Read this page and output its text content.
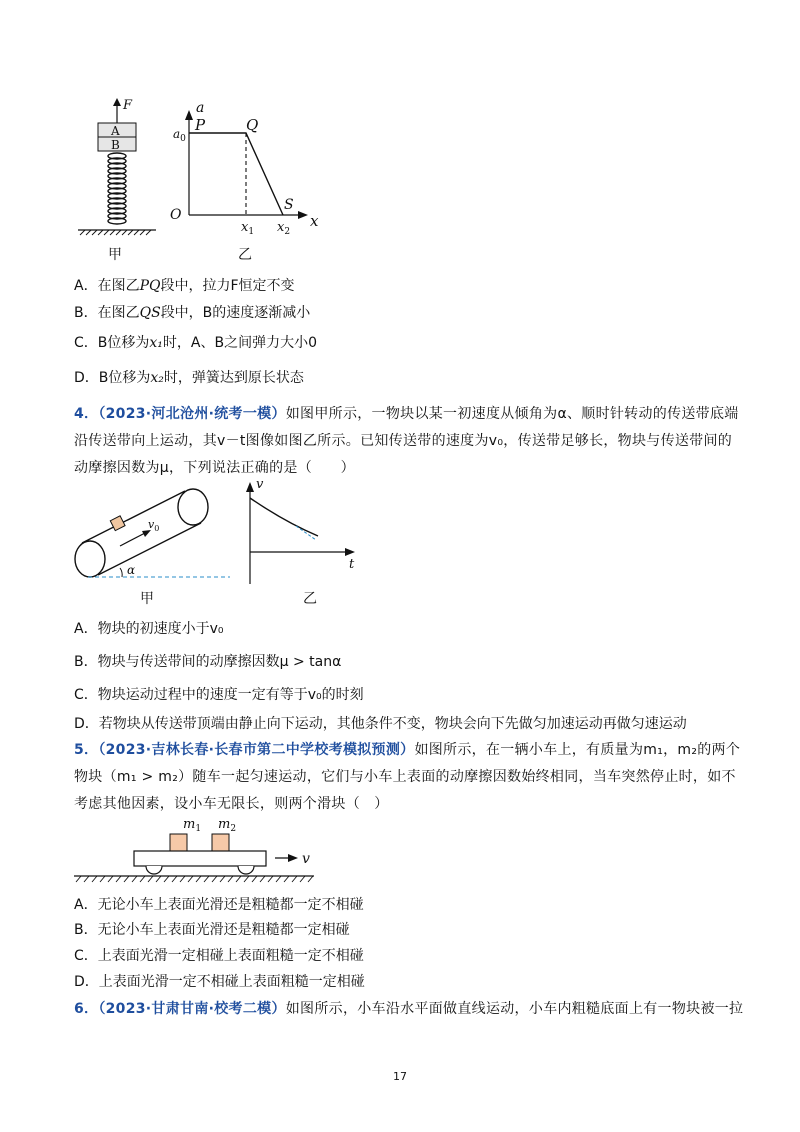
F
A
B
甲
a
$a_0$
P	Q
O
$x_1$
S
$x_2$
x
乙
A．在图乙PQ段中，拉力F恒定不变
B．在图乙QS段中，B的速度逐渐减小
C．B位移为x₁时，A、B之间弹力大小0
D．B位移为x₂时，弹簧达到原长状态
4．（2023·河北沧州·统考一模）如图甲所示，一物块以某一初速度从倾角为α、顺时针转动的传送带底端
沿传送带向上运动，其v－t图像如图乙所示。已知传送带的速度为v₀，传送带足够长，物块与传送带间的
动摩擦因数为μ，下列说法正确的是（　　）
$v_0$
α
甲
v
t
乙
A．物块的初速度小于v₀
B．物块与传送带间的动摩擦因数μ > tanα
C．物块运动过程中的速度一定有等于v₀的时刻
D．若物块从传送带顶端由静止向下运动，其他条件不变，物块会向下先做匀加速运动再做匀速运动
5．（2023·吉林长春·长春市第二中学校考模拟预测）如图所示，在一辆小车上，有质量为m₁，m₂的两个
物块（m₁ > m₂）随车一起匀速运动，它们与小车上表面的动摩擦因数始终相同，当车突然停止时，如不
考虑其他因素，设小车无限长，则两个滑块（　）
$m_1$ $m_2$
v
A．无论小车上表面光滑还是粗糙都一定不相碰
B．无论小车上表面光滑还是粗糙都一定相碰
C．上表面光滑一定相碰上表面粗糙一定不相碰
D．上表面光滑一定不相碰上表面粗糙一定相碰
6．（2023·甘肃甘南·校考二模）如图所示，小车沿水平面做直线运动，小车内粗糙底面上有一物块被一拉
17
